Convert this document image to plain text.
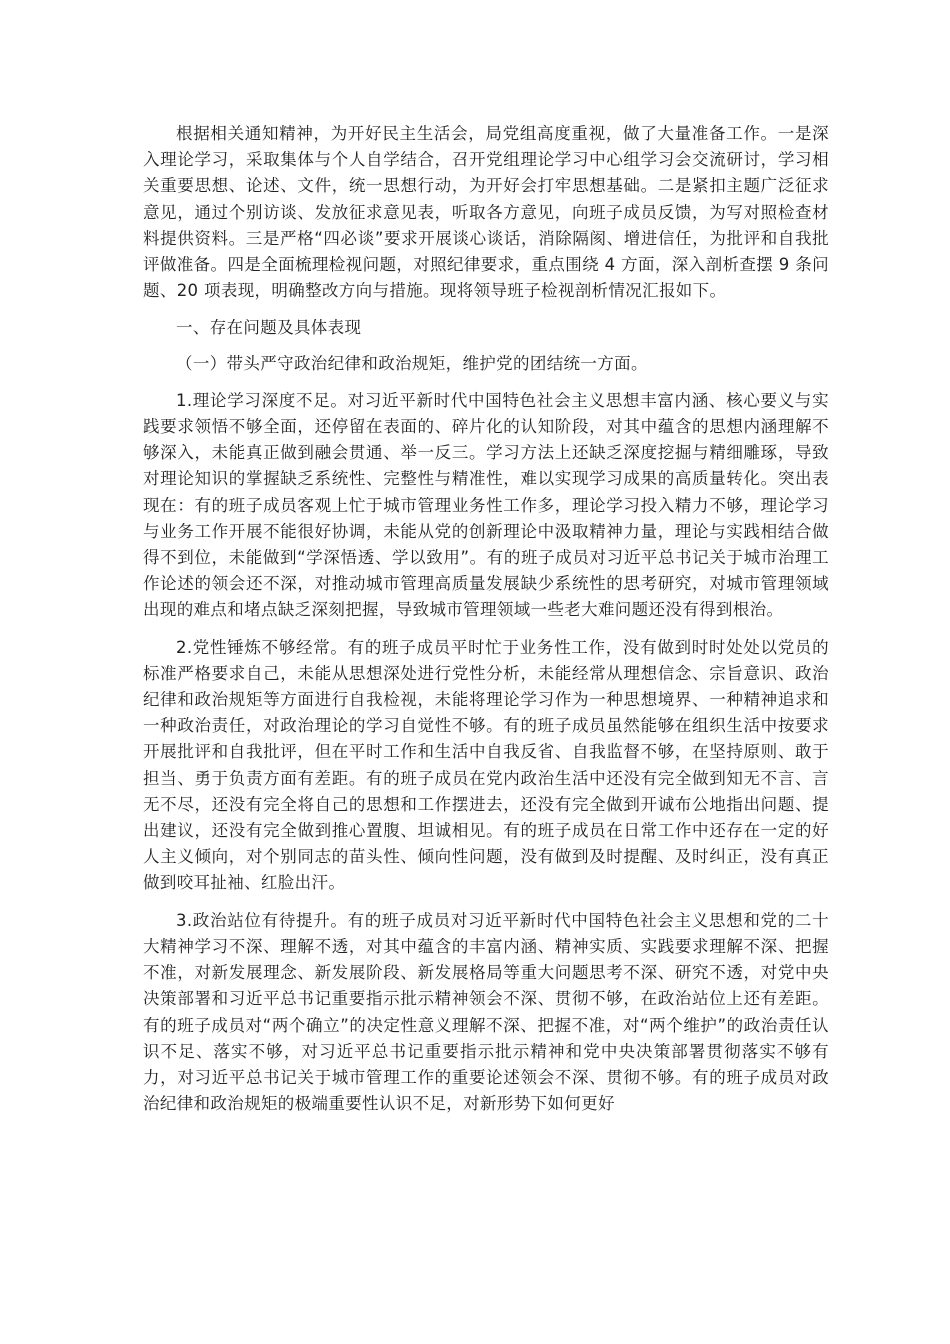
根据相关通知精神，为开好民主生活会，局党组高度重视，做了大量准备工作。一是深入理论学习，采取集体与个人自学结合，召开党组理论学习中心组学习会交流研讨，学习相关重要思想、论述、文件，统一思想行动，为开好会打牢思想基础。二是紧扣主题广泛征求意见，通过个别访谈、发放征求意见表，听取各方意见，向班子成员反馈，为写对照检查材料提供资料。三是严格“四必谈”要求开展谈心谈话，消除隔阂、增进信任，为批评和自我批评做准备。四是全面梳理检视问题，对照纪律要求，重点围绕 4 方面，深入剖析查摆 9 条问题、20 项表现，明确整改方向与措施。现将领导班子检视剖析情况汇报如下。

一、存在问题及具体表现

（一）带头严守政治纪律和政治规矩，维护党的团结统一方面。

1.理论学习深度不足。对习近平新时代中国特色社会主义思想丰富内涵、核心要义与实践要求领悟不够全面，还停留在表面的、碎片化的认知阶段，对其中蕴含的思想内涵理解不够深入，未能真正做到融会贯通、举一反三。学习方法上还缺乏深度挖掘与精细雕琢，导致对理论知识的掌握缺乏系统性、完整性与精准性，难以实现学习成果的高质量转化。突出表现在：有的班子成员客观上忙于城市管理业务性工作多，理论学习投入精力不够，理论学习与业务工作开展不能很好协调，未能从党的创新理论中汲取精神力量，理论与实践相结合做得不到位，未能做到“学深悟透、学以致用”。有的班子成员对习近平总书记关于城市治理工作论述的领会还不深，对推动城市管理高质量发展缺少系统性的思考研究，对城市管理领域出现的难点和堵点缺乏深刻把握，导致城市管理领域一些老大难问题还没有得到根治。

2.党性锤炼不够经常。有的班子成员平时忙于业务性工作，没有做到时时处处以党员的标准严格要求自己，未能从思想深处进行党性分析，未能经常从理想信念、宗旨意识、政治纪律和政治规矩等方面进行自我检视，未能将理论学习作为一种思想境界、一种精神追求和一种政治责任，对政治理论的学习自觉性不够。有的班子成员虽然能够在组织生活中按要求开展批评和自我批评，但在平时工作和生活中自我反省、自我监督不够，在坚持原则、敢于担当、勇于负责方面有差距。有的班子成员在党内政治生活中还没有完全做到知无不言、言无不尽，还没有完全将自己的思想和工作摆进去，还没有完全做到开诚布公地指出问题、提出建议，还没有完全做到推心置腹、坦诚相见。有的班子成员在日常工作中还存在一定的好人主义倾向，对个别同志的苗头性、倾向性问题，没有做到及时提醒、及时纠正，没有真正做到咬耳扯袖、红脸出汗。

3.政治站位有待提升。有的班子成员对习近平新时代中国特色社会主义思想和党的二十大精神学习不深、理解不透，对其中蕴含的丰富内涵、精神实质、实践要求理解不深、把握不准，对新发展理念、新发展阶段、新发展格局等重大问题思考不深、研究不透，对党中央决策部署和习近平总书记重要指示批示精神领会不深、贯彻不够，在政治站位上还有差距。有的班子成员对“两个确立”的决定性意义理解不深、把握不准，对“两个维护”的政治责任认识不足、落实不够，对习近平总书记重要指示批示精神和党中央决策部署贯彻落实不够有力，对习近平总书记关于城市管理工作的重要论述领会不深、贯彻不够。有的班子成员对政治纪律和政治规矩的极端重要性认识不足，对新形势下如何更好
